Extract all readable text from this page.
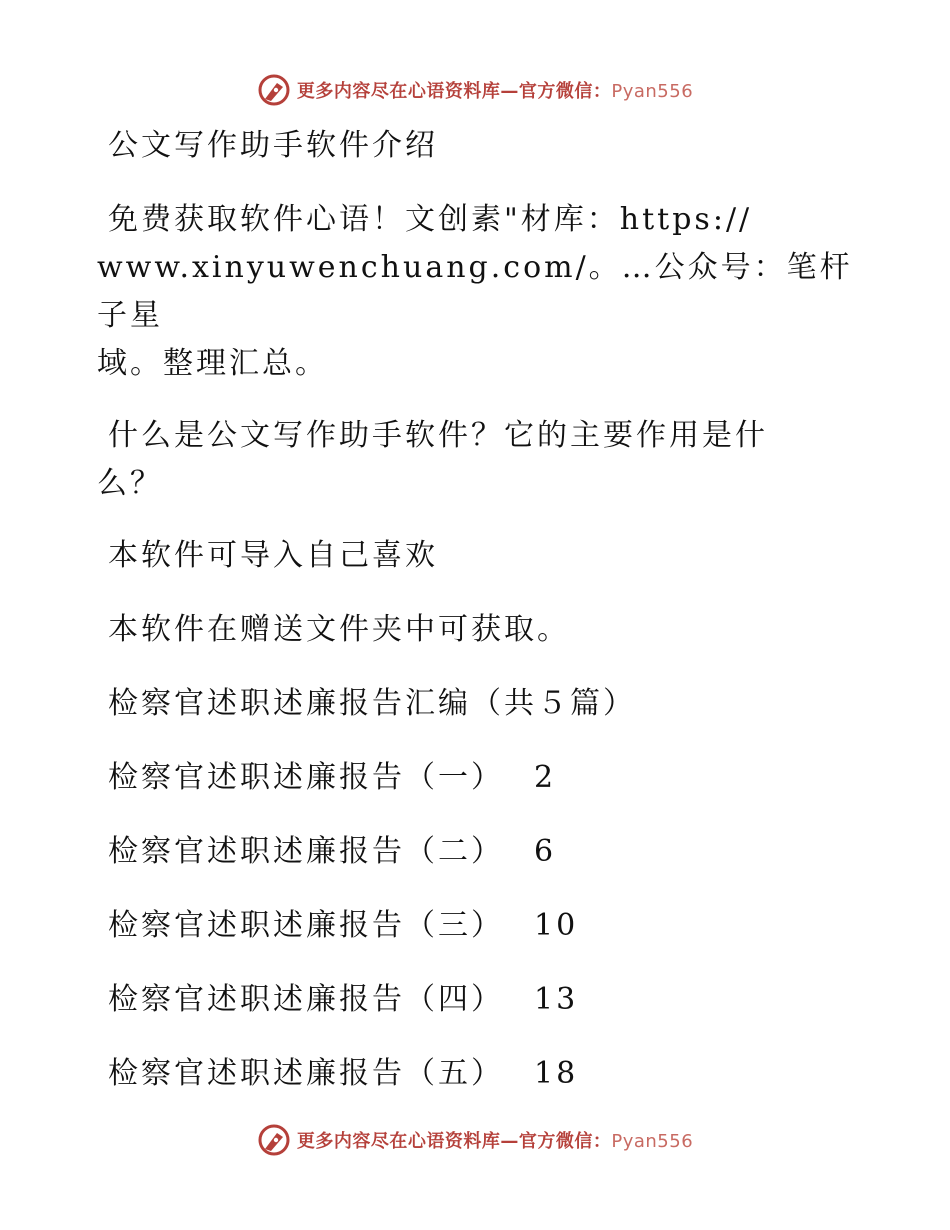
更多内容尽在心语资料库—官方微信：Pyan556

公文写作助手软件介绍

免费获取软件心语！文创素"材库：https://
www.xinyuwenchuang.com/。…公众号：笔杆子星
域。整理汇总。

什么是公文写作助手软件？它的主要作用是什
么？

本软件可导入自己喜欢

本软件在赠送文件夹中可获取。

检察官述职述廉报告汇编（共５篇）

检察官述职述廉报告（一） 2

检察官述职述廉报告（二） 6

检察官述职述廉报告（三） 10

检察官述职述廉报告（四） 13

检察官述职述廉报告（五） 18

更多内容尽在心语资料库—官方微信：Pyan556
